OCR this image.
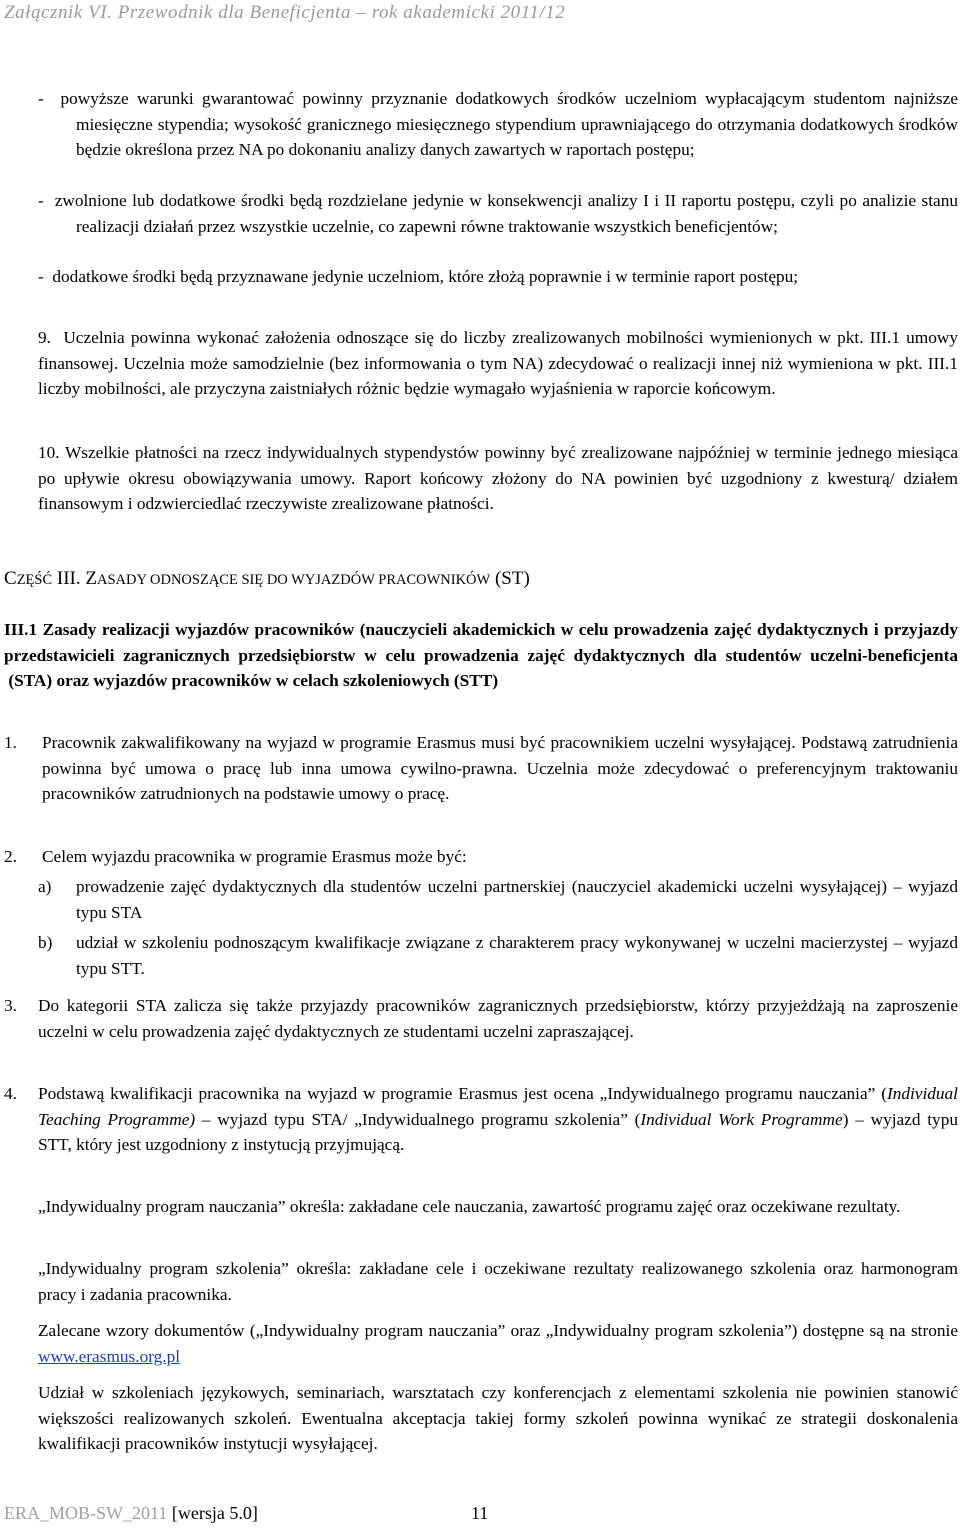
Załącznik VI. Przewodnik dla Beneficjenta – rok akademicki 2011/12

-  powyższe warunki gwarantować powinny przyznanie dodatkowych środków uczelniom wypłacającym studentom najniższe miesięczne stypendia; wysokość granicznego miesięcznego stypendium uprawniającego do otrzymania dodatkowych środków będzie określona przez NA po dokonaniu analizy danych zawartych w raportach postępu;

-  zwolnione lub dodatkowe środki będą rozdzielane jedynie w konsekwencji analizy I i II raportu postępu, czyli po analizie stanu realizacji działań przez wszystkie uczelnie, co zapewni równe traktowanie wszystkich beneficjentów;

-  dodatkowe środki będą przyznawane jedynie uczelniom, które złożą poprawnie i w terminie raport postępu;

9.  Uczelnia powinna wykonać założenia odnoszące się do liczby zrealizowanych mobilności wymienionych w pkt. III.1 umowy finansowej. Uczelnia może samodzielnie (bez informowania o tym NA) zdecydować o realizacji innej niż wymieniona w pkt. III.1 liczby mobilności, ale przyczyna zaistniałych różnic będzie wymagało wyjaśnienia w raporcie końcowym.

10. Wszelkie płatności na rzecz indywidualnych stypendystów powinny być zrealizowane najpóźniej w terminie jednego miesiąca po upływie okresu obowiązywania umowy. Raport końcowy złożony do NA powinien być uzgodniony z kwesturą/ działem finansowym i odzwierciedlać rzeczywiste zrealizowane płatności.

CZĘŚĆ III. ZASADY ODNOSZĄCE SIĘ DO WYJAZDÓW PRACOWNIKÓW (ST)

III.1 Zasady realizacji wyjazdów pracowników (nauczycieli akademickich w celu prowadzenia zajęć dydaktycznych i przyjazdy przedstawicieli zagranicznych przedsiębiorstw w celu prowadzenia zajęć dydaktycznych dla studentów uczelni-beneficjenta  (STA) oraz wyjazdów pracowników w celach szkoleniowych (STT)

1. Pracownik zakwalifikowany na wyjazd w programie Erasmus musi być pracownikiem uczelni wysyłającej. Podstawą zatrudnienia powinna być umowa o pracę lub inna umowa cywilno-prawna. Uczelnia może zdecydować o preferencyjnym traktowaniu pracowników zatrudnionych na podstawie umowy o pracę.

2. Celem wyjazdu pracownika w programie Erasmus może być:

a) prowadzenie zajęć dydaktycznych dla studentów uczelni partnerskiej (nauczyciel akademicki uczelni wysyłającej) – wyjazd typu STA

b) udział w szkoleniu podnoszącym kwalifikacje związane z charakterem pracy wykonywanej w uczelni macierzystej – wyjazd typu STT.

3. Do kategorii STA zalicza się także przyjazdy pracowników zagranicznych przedsiębiorstw, którzy przyjeżdżają na zaproszenie uczelni w celu prowadzenia zajęć dydaktycznych ze studentami uczelni zapraszającej.

4. Podstawą kwalifikacji pracownika na wyjazd w programie Erasmus jest ocena „Indywidualnego programu nauczania” (Individual Teaching Programme) – wyjazd typu STA/ „Indywidualnego programu szkolenia” (Individual Work Programme) – wyjazd typu STT, który jest uzgodniony z instytucją przyjmującą.

„Indywidualny program nauczania” określa: zakładane cele nauczania, zawartość programu zajęć oraz oczekiwane rezultaty.

„Indywidualny program szkolenia” określa: zakładane cele i oczekiwane rezultaty realizowanego szkolenia oraz harmonogram pracy i zadania pracownika.

Zalecane wzory dokumentów („Indywidualny program nauczania” oraz „Indywidualny program szkolenia”) dostępne są na stronie www.erasmus.org.pl

Udział w szkoleniach językowych, seminariach, warsztatach czy konferencjach z elementami szkolenia nie powinien stanowić większości realizowanych szkoleń. Ewentualna akceptacja takiej formy szkoleń powinna wynikać ze strategii doskonalenia kwalifikacji pracowników instytucji wysyłającej.

ERA_MOB-SW_2011 [wersja 5.0]	11
